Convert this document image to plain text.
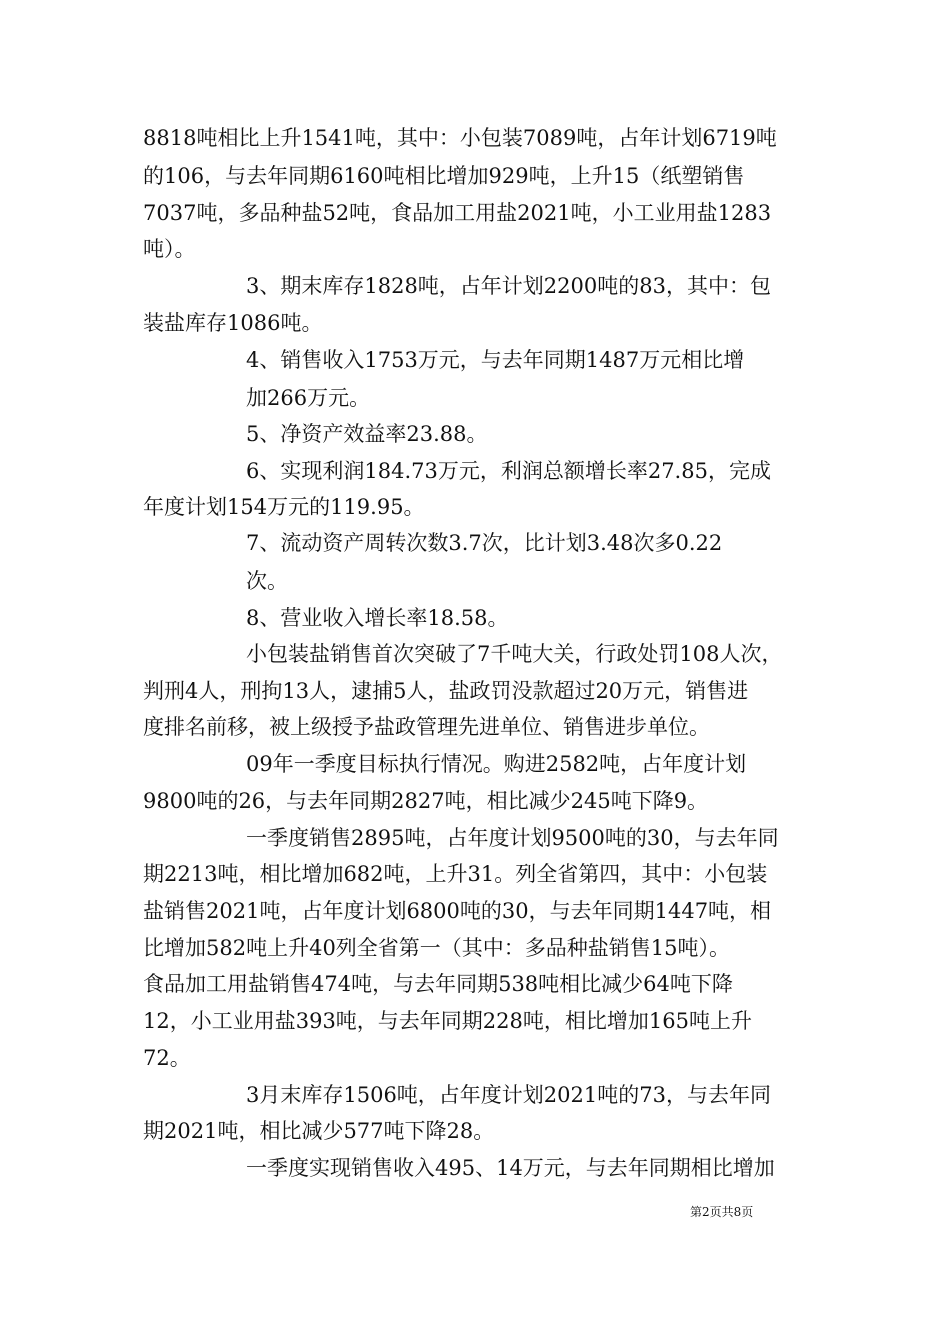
8818吨相比上升1541吨，其中：小包装7089吨，占年计划6719吨
的106，与去年同期6160吨相比增加929吨，上升15（纸塑销售
7037吨，多品种盐52吨，食品加工用盐2021吨，小工业用盐1283
吨）。
3、期末库存1828吨，占年计划2200吨的83，其中：包
装盐库存1086吨。
4、销售收入1753万元，与去年同期1487万元相比增
加266万元。
5、净资产效益率23.88。
6、实现利润184.73万元，利润总额增长率27.85，完成
年度计划154万元的119.95。
7、流动资产周转次数3.7次，比计划3.48次多0.22
次。
8、营业收入增长率18.58。
小包装盐销售首次突破了7千吨大关，行政处罚108人次，
判刑4人，刑拘13人，逮捕5人，盐政罚没款超过20万元，销售进
度排名前移，被上级授予盐政管理先进单位、销售进步单位。
09年一季度目标执行情况。购进2582吨，占年度计划
9800吨的26，与去年同期2827吨，相比减少245吨下降9。
一季度销售2895吨，占年度计划9500吨的30，与去年同
期2213吨，相比增加682吨，上升31。列全省第四，其中：小包装
盐销售2021吨，占年度计划6800吨的30，与去年同期1447吨，相
比增加582吨上升40列全省第一（其中：多品种盐销售15吨）。
食品加工用盐销售474吨，与去年同期538吨相比减少64吨下降
12，小工业用盐393吨，与去年同期228吨，相比增加165吨上升
72。
3月末库存1506吨，占年度计划2021吨的73，与去年同
期2021吨，相比减少577吨下降28。
一季度实现销售收入495、14万元，与去年同期相比增加
第2页共8页
